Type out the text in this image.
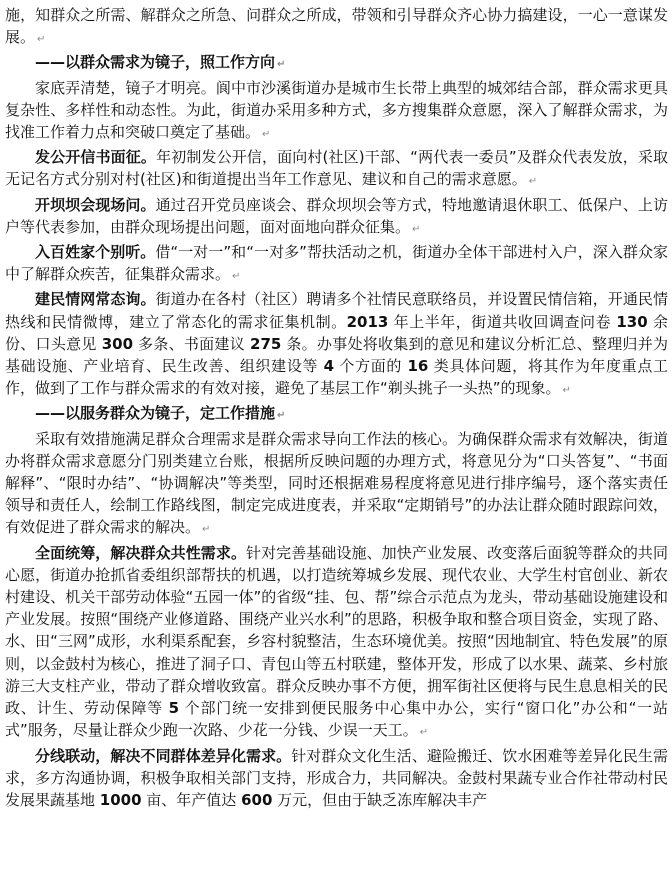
施，知群众之所需、解群众之所急、问群众之所成，带领和引导群众齐心协力搞建设，一心一意谋发展。 ↵

——以群众需求为镜子，照工作方向 ↵

家底弄清楚，镜子才明亮。阆中市沙溪街道办是城市生长带上典型的城郊结合部，群众需求更具复杂性、多样性和动态性。为此，街道办采用多种方式，多方搜集群众意愿，深入了解群众需求，为找准工作着力点和突破口奠定了基础。 ↵

发公开信书面征。年初制发公开信，面向村(社区)干部、“两代表一委员”及群众代表发放，采取无记名方式分别对村(社区)和街道提出当年工作意见、建议和自己的需求意愿。 ↵

开坝坝会现场问。通过召开党员座谈会、群众坝坝会等方式，特地邀请退休职工、低保户、上访户等代表参加，由群众现场提出问题，面对面地向群众征集。 ↵

入百姓家个别听。借“一对一”和“一对多”帮扶活动之机，街道办全体干部进村入户，深入群众家中了解群众疾苦，征集群众需求。 ↵

建民情网常态询。街道办在各村（社区）聘请多个社情民意联络员，并设置民情信箱，开通民情热线和民情微博，建立了常态化的需求征集机制。2013 年上半年，街道共收回调查问卷 130 余份、口头意见 300 多条、书面建议 275 条。办事处将收集到的意见和建议分析汇总、整理归并为基础设施、产业培育、民生改善、组织建设等 4 个方面的 16 类具体问题，将其作为年度重点工作，做到了工作与群众需求的有效对接，避免了基层工作“剃头挑子一头热”的现象。 ↵

——以服务群众为镜子，定工作措施 ↵

采取有效措施满足群众合理需求是群众需求导向工作法的核心。为确保群众需求有效解决，街道办将群众需求意愿分门别类建立台账，根据所反映问题的办理方式，将意见分为“口头答复”、“书面解释”、“限时办结”、“协调解决”等类型，同时还根据难易程度将意见进行排序编号，逐个落实责任领导和责任人，绘制工作路线图，制定完成进度表，并采取“定期销号”的办法让群众随时跟踪问效，有效促进了群众需求的解决。 ↵

全面统筹，解决群众共性需求。针对完善基础设施、加快产业发展、改变落后面貌等群众的共同心愿，街道办抢抓省委组织部帮扶的机遇，以打造统筹城乡发展、现代农业、大学生村官创业、新农村建设、机关干部劳动体验“五园一体”的省级“挂、包、帮”综合示范点为龙头，带动基础设施建设和产业发展。按照“围绕产业修道路、围绕产业兴水利”的思路，积极争取和整合项目资金，实现了路、水、田“三网”成形，水利渠系配套，乡容村貌整洁，生态环境优美。按照“因地制宜、特色发展”的原则，以金鼓村为核心，推进了洞子口、青包山等五村联建，整体开发，形成了以水果、蔬菜、乡村旅游三大支柱产业，带动了群众增收致富。群众反映办事不方便，拥军街社区便将与民生息息相关的民政、计生、劳动保障等 5 个部门统一安排到便民服务中心集中办公，实行“窗口化”办公和“一站式”服务，尽量让群众少跑一次路、少花一分钱、少误一天工。 ↵

分线联动，解决不同群体差异化需求。针对群众文化生活、避险搬迁、饮水困难等差异化民生需求，多方沟通协调，积极争取相关部门支持，形成合力，共同解决。金鼓村果蔬专业合作社带动村民发展果蔬基地 1000 亩、年产值达 600 万元，但由于缺乏冻库解决丰产
